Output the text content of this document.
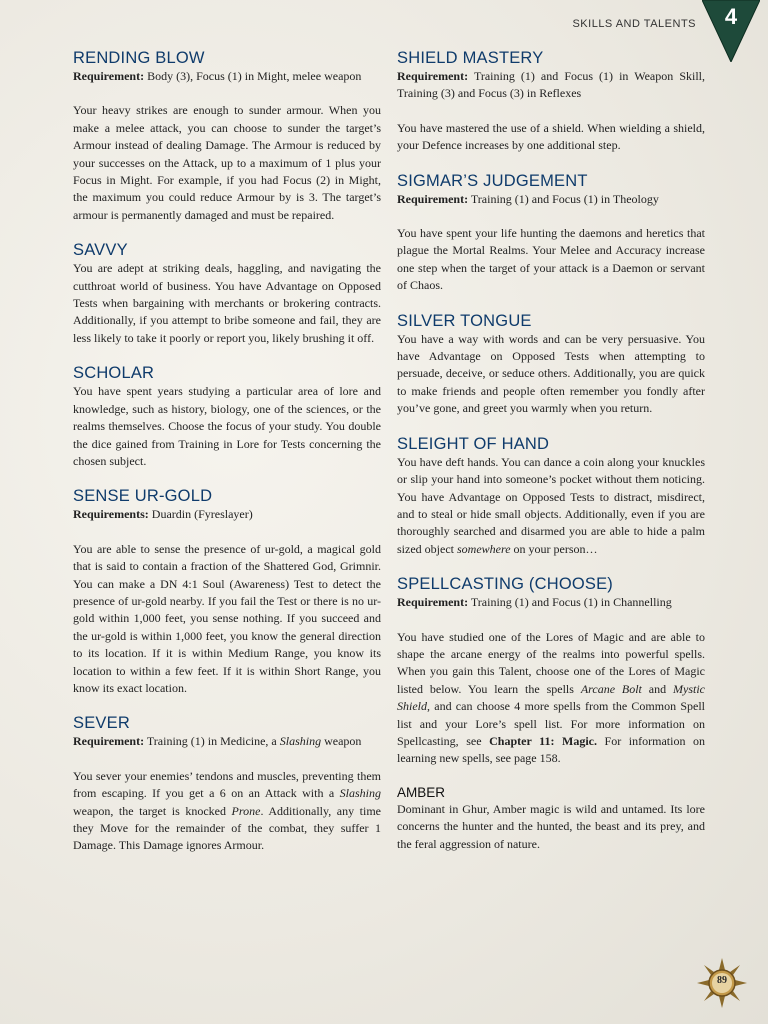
SKILLS AND TALENTS	4
RENDING BLOW

Requirement: Body (3), Focus (1) in Might, melee weapon

Your heavy strikes are enough to sunder armour. When you make a melee attack, you can choose to sunder the target’s Armour instead of dealing Damage. The Armour is reduced by your successes on the Attack, up to a maximum of 1 plus your Focus in Might. For example, if you had Focus (2) in Might, the maximum you could reduce Armour by is 3. The target’s armour is permanently damaged and must be repaired.

SAVVY

You are adept at striking deals, haggling, and navigating the cutthroat world of business. You have Advantage on Opposed Tests when bargaining with merchants or brokering contracts. Additionally, if you attempt to bribe someone and fail, they are less likely to take it poorly or report you, likely brushing it off.

SCHOLAR

You have spent years studying a particular area of lore and knowledge, such as history, biology, one of the sciences, or the realms themselves. Choose the focus of your study. You double the dice gained from Training in Lore for Tests concerning the chosen subject.

SENSE UR-GOLD

Requirements: Duardin (Fyreslayer)

You are able to sense the presence of ur-gold, a magical gold that is said to contain a fraction of the Shattered God, Grimnir. You can make a DN 4:1 Soul (Awareness) Test to detect the presence of ur-gold nearby. If you fail the Test or there is no ur-gold within 1,000 feet, you sense nothing. If you succeed and the ur-gold is within 1,000 feet, you know the general direction to its location. If it is within Medium Range, you know its location to within a few feet. If it is within Short Range, you know its exact location.

SEVER

Requirement: Training (1) in Medicine, a Slashing weapon

You sever your enemies’ tendons and muscles, preventing them from escaping. If you get a 6 on an Attack with a Slashing weapon, the target is knocked Prone. Additionally, any time they Move for the remainder of the combat, they suffer 1 Damage. This Damage ignores Armour.

SHIELD MASTERY

Requirement: Training (1) and Focus (1) in Weapon Skill, Training (3) and Focus (3) in Reflexes

You have mastered the use of a shield. When wielding a shield, your Defence increases by one additional step.

SIGMAR’S JUDGEMENT

Requirement: Training (1) and Focus (1) in Theology

You have spent your life hunting the daemons and heretics that plague the Mortal Realms. Your Melee and Accuracy increase one step when the target of your attack is a Daemon or servant of Chaos.

SILVER TONGUE

You have a way with words and can be very persuasive. You have Advantage on Opposed Tests when attempting to persuade, deceive, or seduce others. Additionally, you are quick to make friends and people often remember you fondly after you’ve gone, and greet you warmly when you return.

SLEIGHT OF HAND

You have deft hands. You can dance a coin along your knuckles or slip your hand into someone’s pocket without them noticing. You have Advantage on Opposed Tests to distract, misdirect, and to steal or hide small objects. Additionally, even if you are thoroughly searched and disarmed you are able to hide a palm sized object somewhere on your person…

SPELLCASTING (CHOOSE)

Requirement: Training (1) and Focus (1) in Channelling

You have studied one of the Lores of Magic and are able to shape the arcane energy of the realms into powerful spells. When you gain this Talent, choose one of the Lores of Magic listed below. You learn the spells Arcane Bolt and Mystic Shield, and can choose 4 more spells from the Common Spell list and your Lore’s spell list. For more information on Spellcasting, see Chapter 11: Magic. For information on learning new spells, see page 158.

AMBER

Dominant in Ghur, Amber magic is wild and untamed. Its lore concerns the hunter and the hunted, the beast and its prey, and the feral aggression of nature.

89
